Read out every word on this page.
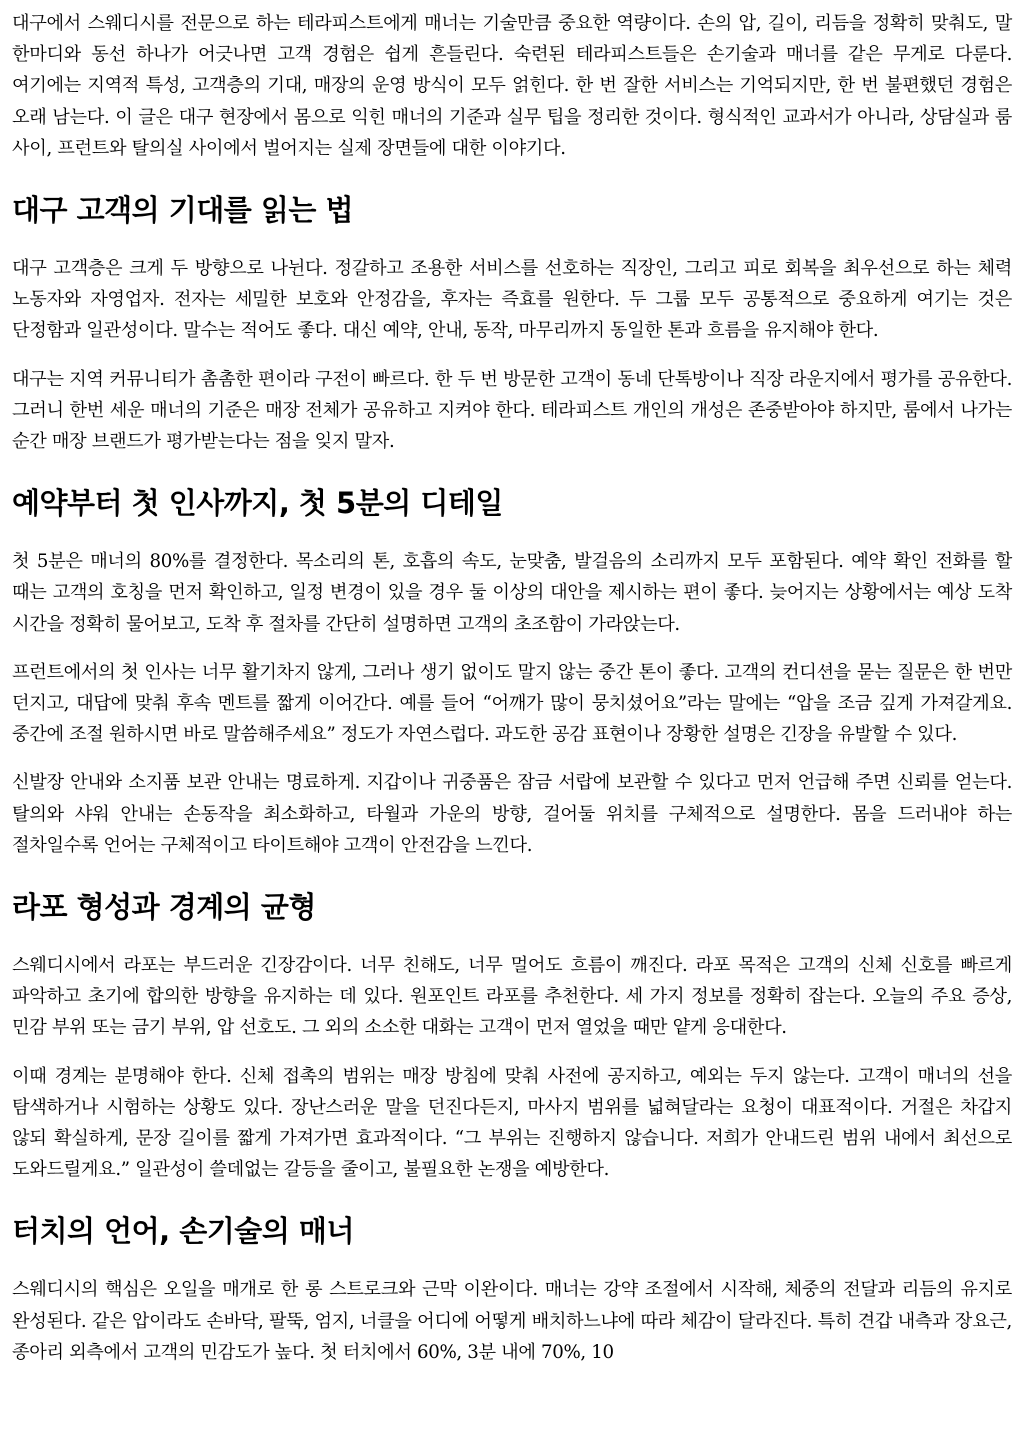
대구에서 스웨디시를 전문으로 하는 테라피스트에게 매너는 기술만큼 중요한 역량이다. 손의 압, 길이, 리듬을 정확히 맞춰도, 말 한마디와 동선 하나가 어긋나면 고객 경험은 쉽게 흔들린다. 숙련된 테라피스트들은 손기술과 매너를 같은 무게로 다룬다. 여기에는 지역적 특성, 고객층의 기대, 매장의 운영 방식이 모두 얽힌다. 한 번 잘한 서비스는 기억되지만, 한 번 불편했던 경험은 오래 남는다. 이 글은 대구 현장에서 몸으로 익힌 매너의 기준과 실무 팁을 정리한 것이다. 형식적인 교과서가 아니라, 상담실과 룸 사이, 프런트와 탈의실 사이에서 벌어지는 실제 장면들에 대한 이야기다.

대구 고객의 기대를 읽는 법

대구 고객층은 크게 두 방향으로 나뉜다. 정갈하고 조용한 서비스를 선호하는 직장인, 그리고 피로 회복을 최우선으로 하는 체력 노동자와 자영업자. 전자는 세밀한 보호와 안정감을, 후자는 즉효를 원한다. 두 그룹 모두 공통적으로 중요하게 여기는 것은 단정함과 일관성이다. 말수는 적어도 좋다. 대신 예약, 안내, 동작, 마무리까지 동일한 톤과 흐름을 유지해야 한다.

대구는 지역 커뮤니티가 촘촘한 편이라 구전이 빠르다. 한 두 번 방문한 고객이 동네 단톡방이나 직장 라운지에서 평가를 공유한다. 그러니 한번 세운 매너의 기준은 매장 전체가 공유하고 지켜야 한다. 테라피스트 개인의 개성은 존중받아야 하지만, 룸에서 나가는 순간 매장 브랜드가 평가받는다는 점을 잊지 말자.

예약부터 첫 인사까지, 첫 5분의 디테일

첫 5분은 매너의 80%를 결정한다. 목소리의 톤, 호흡의 속도, 눈맞춤, 발걸음의 소리까지 모두 포함된다. 예약 확인 전화를 할 때는 고객의 호칭을 먼저 확인하고, 일정 변경이 있을 경우 둘 이상의 대안을 제시하는 편이 좋다. 늦어지는 상황에서는 예상 도착 시간을 정확히 물어보고, 도착 후 절차를 간단히 설명하면 고객의 초조함이 가라앉는다.

프런트에서의 첫 인사는 너무 활기차지 않게, 그러나 생기 없이도 말지 않는 중간 톤이 좋다. 고객의 컨디션을 묻는 질문은 한 번만 던지고, 대답에 맞춰 후속 멘트를 짧게 이어간다. 예를 들어 “어깨가 많이 뭉치셨어요”라는 말에는 “압을 조금 깊게 가져갈게요. 중간에 조절 원하시면 바로 말씀해주세요” 정도가 자연스럽다. 과도한 공감 표현이나 장황한 설명은 긴장을 유발할 수 있다.

신발장 안내와 소지품 보관 안내는 명료하게. 지갑이나 귀중품은 잠금 서랍에 보관할 수 있다고 먼저 언급해 주면 신뢰를 얻는다. 탈의와 샤워 안내는 손동작을 최소화하고, 타월과 가운의 방향, 걸어둘 위치를 구체적으로 설명한다. 몸을 드러내야 하는 절차일수록 언어는 구체적이고 타이트해야 고객이 안전감을 느낀다.

라포 형성과 경계의 균형

스웨디시에서 라포는 부드러운 긴장감이다. 너무 친해도, 너무 멀어도 흐름이 깨진다. 라포 목적은 고객의 신체 신호를 빠르게 파악하고 초기에 합의한 방향을 유지하는 데 있다. 원포인트 라포를 추천한다. 세 가지 정보를 정확히 잡는다. 오늘의 주요 증상, 민감 부위 또는 금기 부위, 압 선호도. 그 외의 소소한 대화는 고객이 먼저 열었을 때만 얕게 응대한다.

이때 경계는 분명해야 한다. 신체 접촉의 범위는 매장 방침에 맞춰 사전에 공지하고, 예외는 두지 않는다. 고객이 매너의 선을 탐색하거나 시험하는 상황도 있다. 장난스러운 말을 던진다든지, 마사지 범위를 넓혀달라는 요청이 대표적이다. 거절은 차갑지 않되 확실하게, 문장 길이를 짧게 가져가면 효과적이다. “그 부위는 진행하지 않습니다. 저희가 안내드린 범위 내에서 최선으로 도와드릴게요.” 일관성이 쓸데없는 갈등을 줄이고, 불필요한 논쟁을 예방한다.

터치의 언어, 손기술의 매너

스웨디시의 핵심은 오일을 매개로 한 롱 스트로크와 근막 이완이다. 매너는 강약 조절에서 시작해, 체중의 전달과 리듬의 유지로 완성된다. 같은 압이라도 손바닥, 팔뚝, 엄지, 너클을 어디에 어떻게 배치하느냐에 따라 체감이 달라진다. 특히 견갑 내측과 장요근, 종아리 외측에서 고객의 민감도가 높다. 첫 터치에서 60%, 3분 내에 70%, 10
